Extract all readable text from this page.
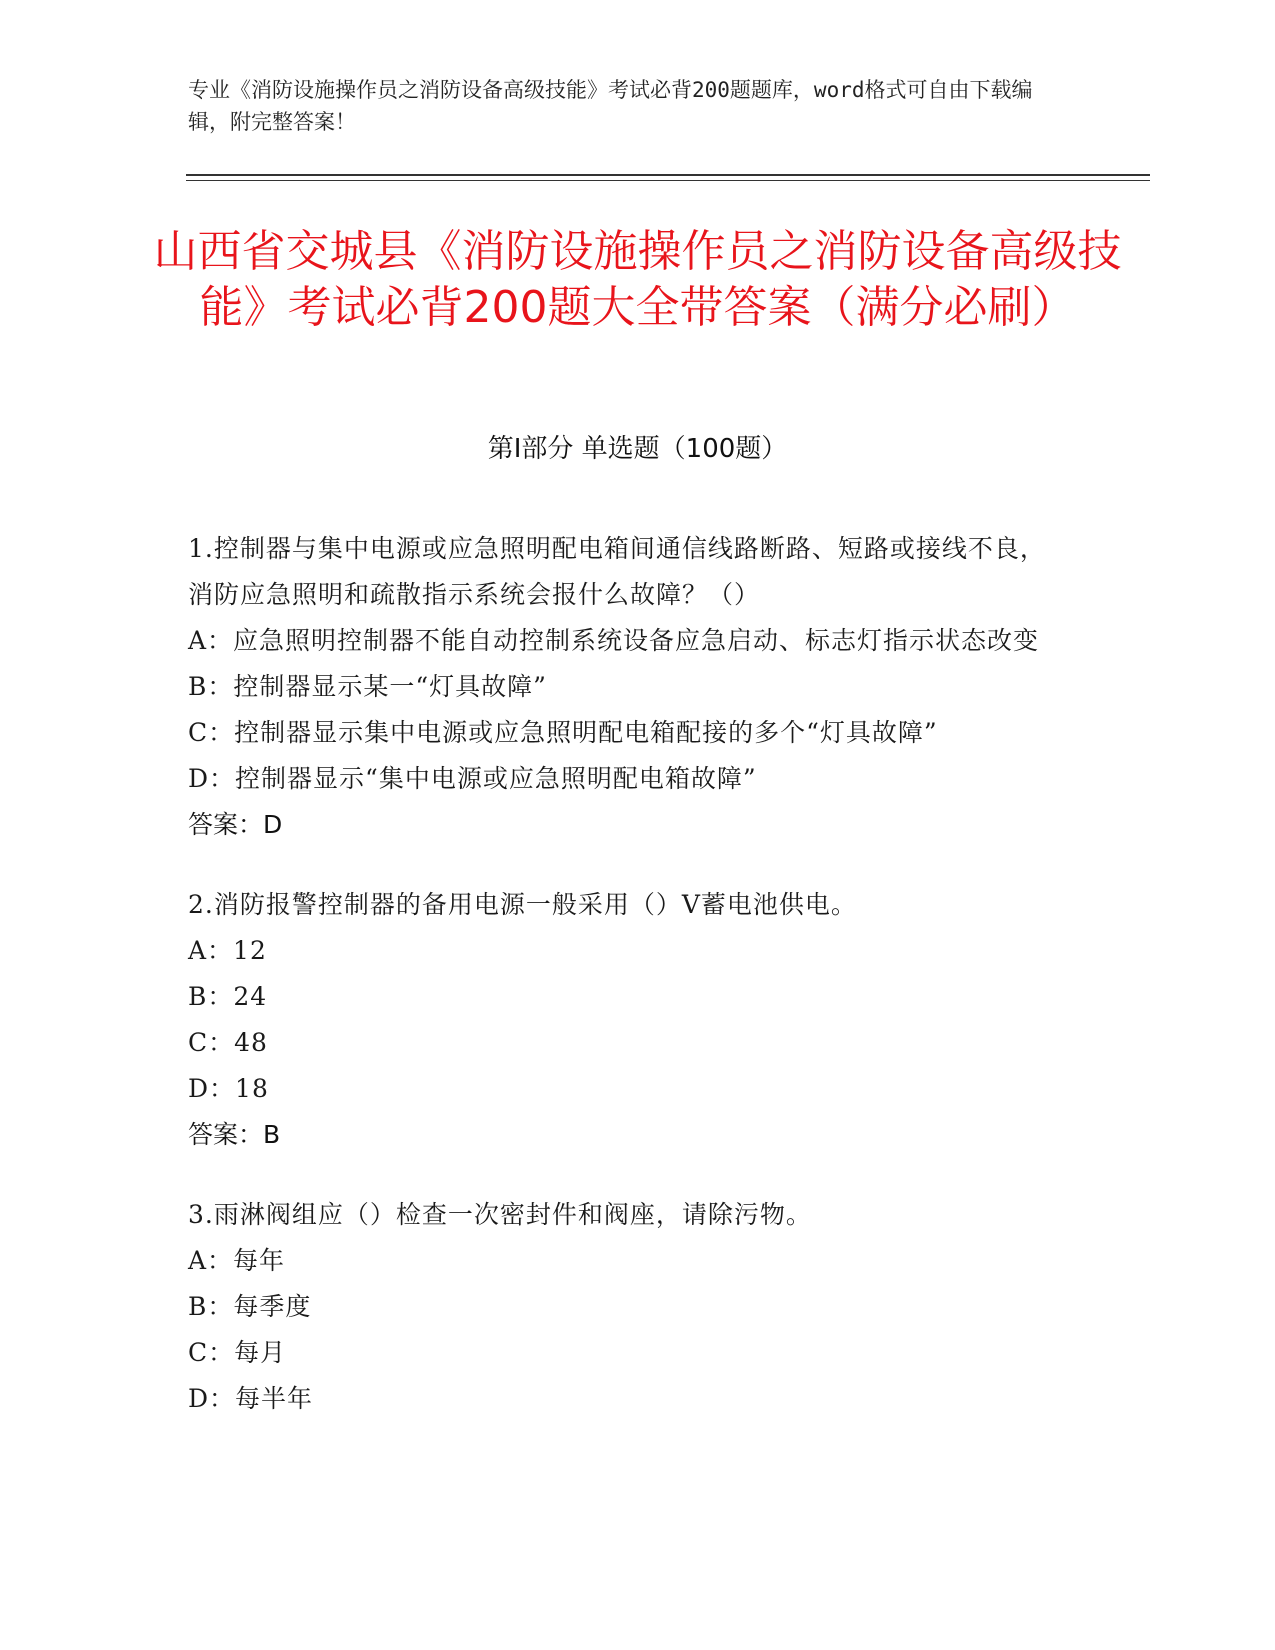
专业《消防设施操作员之消防设备高级技能》考试必背200题题库，word格式可自由下载编辑，附完整答案！
山西省交城县《消防设施操作员之消防设备高级技能》考试必背200题大全带答案（满分必刷）
第I部分 单选题（100题）
1.控制器与集中电源或应急照明配电箱间通信线路断路、短路或接线不良，消防应急照明和疏散指示系统会报什么故障？（）
A：应急照明控制器不能自动控制系统设备应急启动、标志灯指示状态改变
B：控制器显示某一“灯具故障”
C：控制器显示集中电源或应急照明配电箱配接的多个“灯具故障”
D：控制器显示“集中电源或应急照明配电箱故障”
答案：D
2.消防报警控制器的备用电源一般采用（）V蓄电池供电。
A：12
B：24
C：48
D：18
答案：B
3.雨淋阀组应（）检查一次密封件和阀座，请除污物。
A：每年
B：每季度
C：每月
D：每半年
